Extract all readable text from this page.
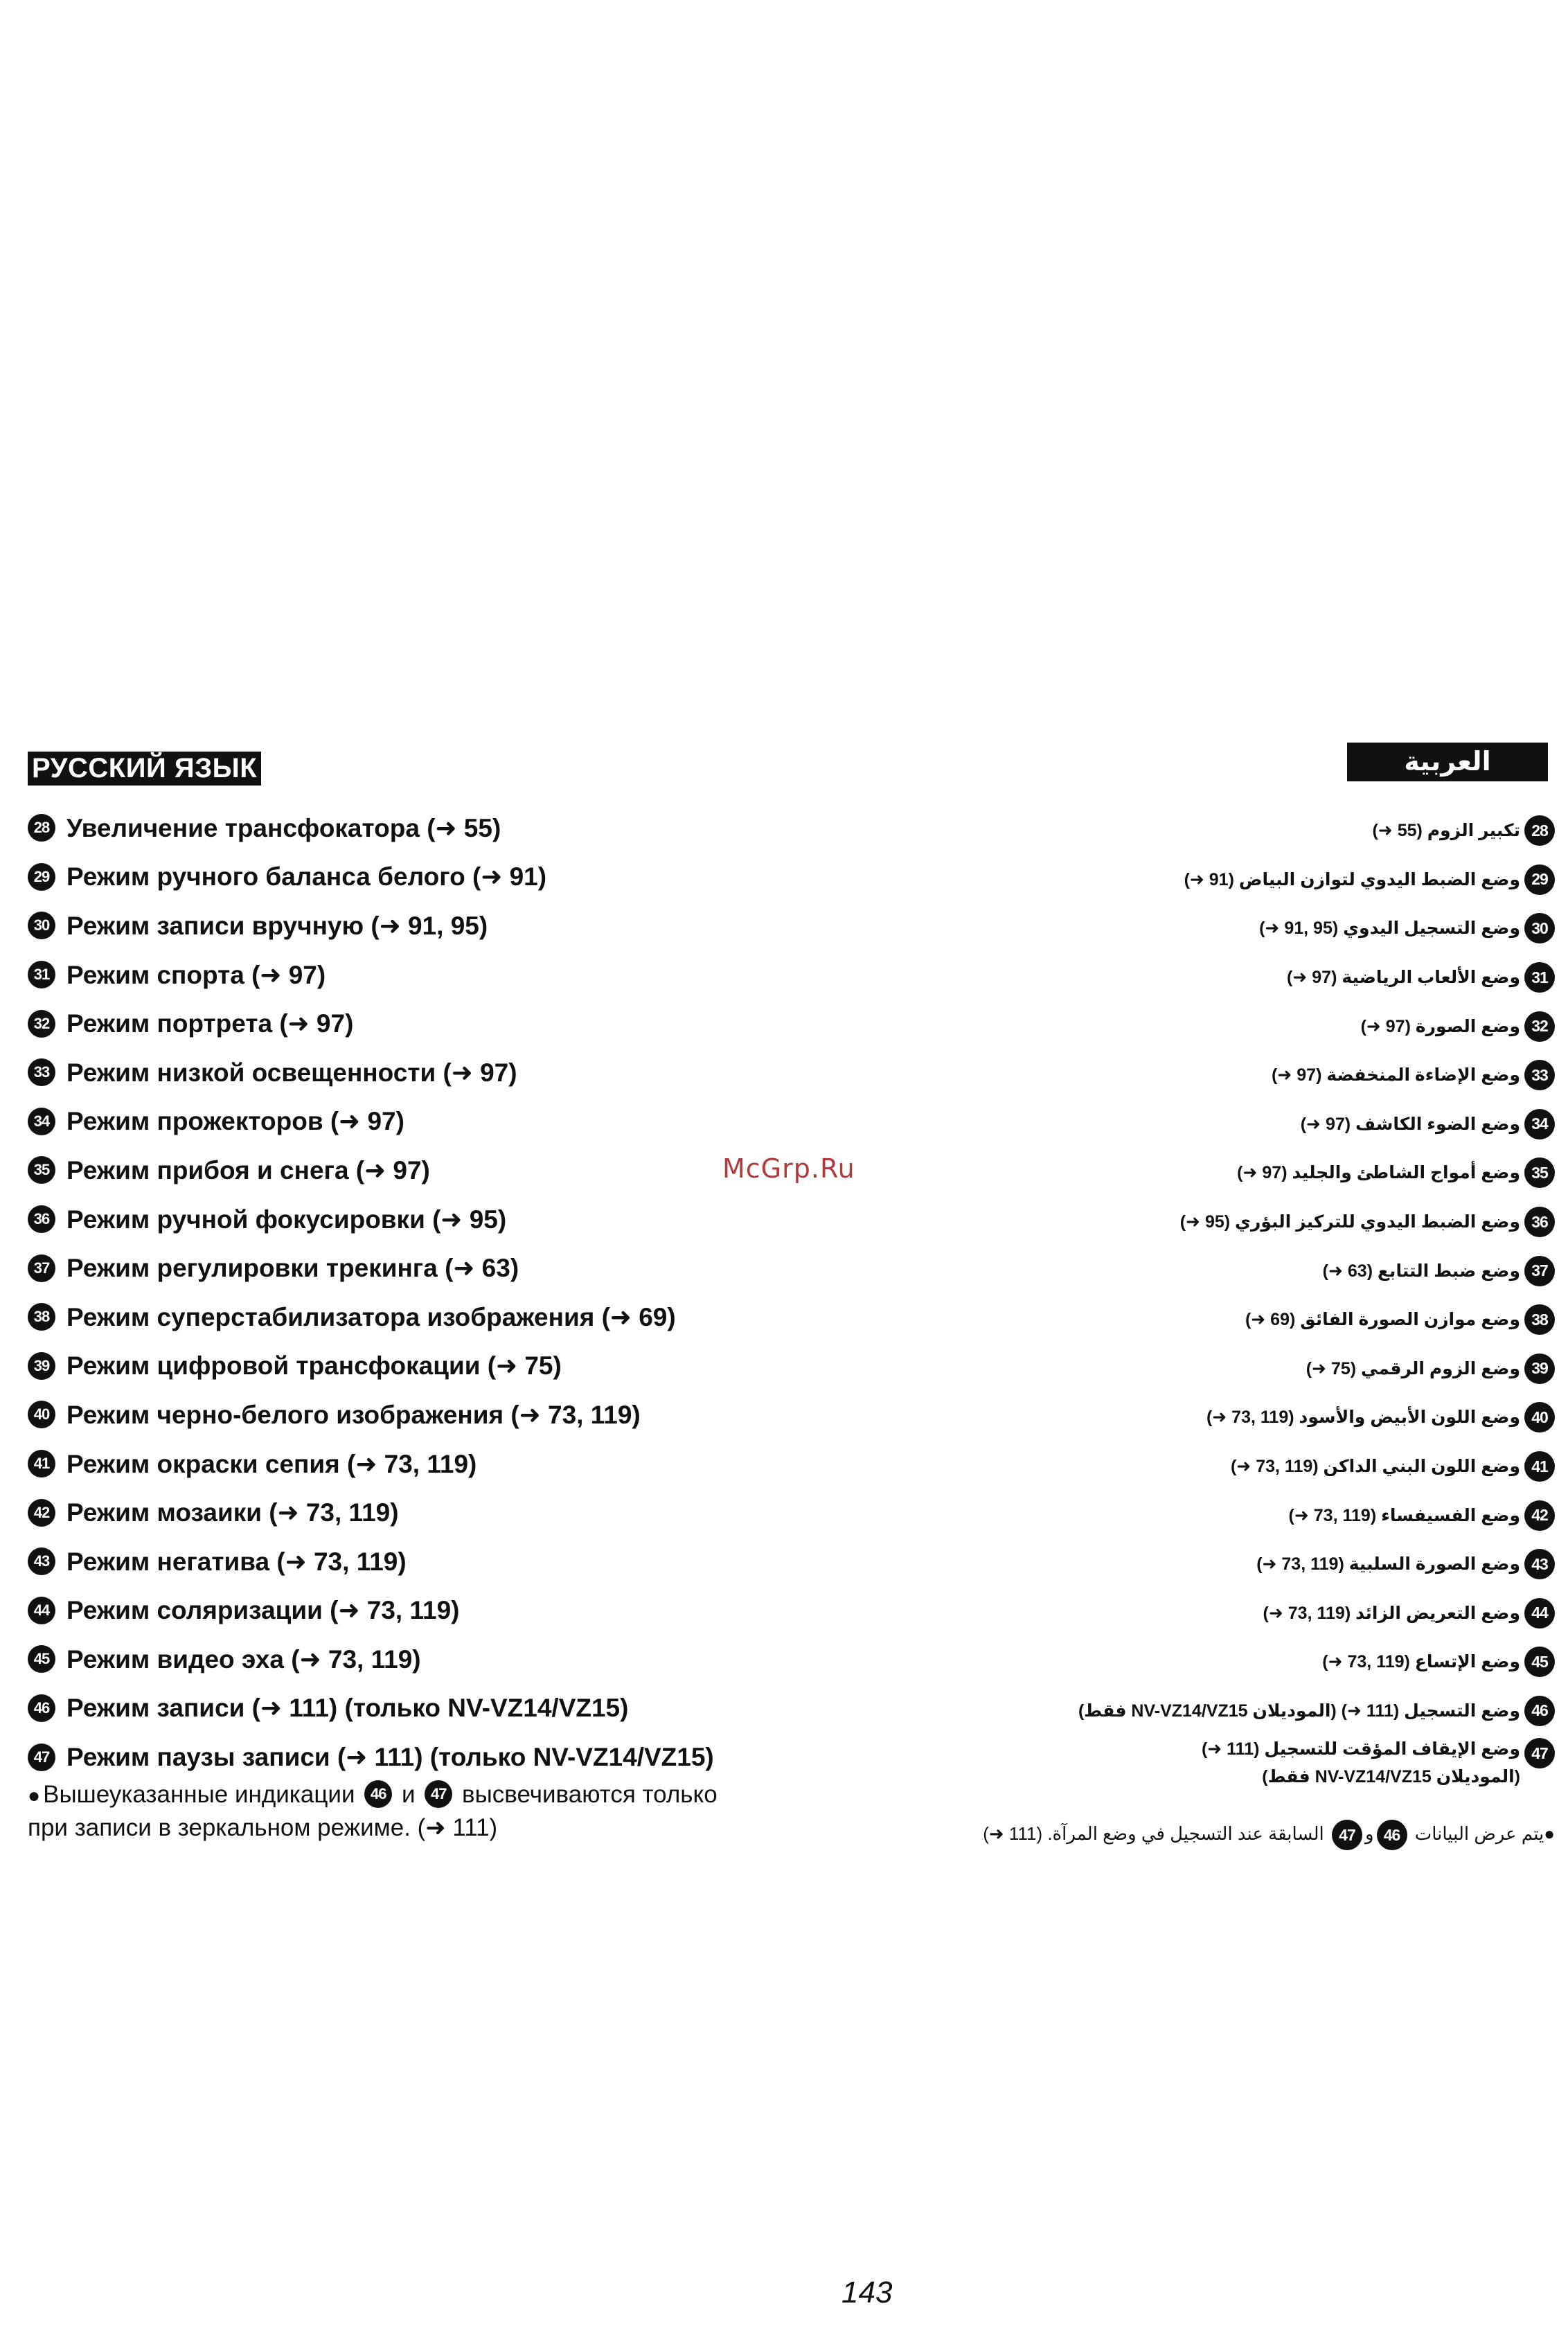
РУССКИЙ ЯЗЫК
28 Увеличение трансфокатора (➜ 55)
29 Режим ручного баланса белого (➜ 91)
30 Режим записи вручную (➜ 91, 95)
31 Режим спорта (➜ 97)
32 Режим портрета (➜ 97)
33 Режим низкой освещенности (➜ 97)
34 Режим прожекторов (➜ 97)
35 Режим прибоя и снега (➜ 97)
36 Режим ручной фокусировки (➜ 95)
37 Режим регулировки трекинга (➜ 63)
38 Режим суперстабилизатора изображения (➜ 69)
39 Режим цифровой трансфокации (➜ 75)
40 Режим черно-белого изображения (➜ 73, 119)
41 Режим окраски сепия (➜ 73, 119)
42 Режим мозаики (➜ 73, 119)
43 Режим негатива (➜ 73, 119)
44 Режим соляризации (➜ 73, 119)
45 Режим видео эха (➜ 73, 119)
46 Режим записи (➜ 111) (только NV-VZ14/VZ15)
47 Режим паузы записи (➜ 111) (только NV-VZ14/VZ15)
● Вышеуказанные индикации 46 и 47 высвечиваются только
при записи в зеркальном режиме. (➜ 111)
العربية
28
تكبير الزوم (55 ➜)
29
وضع الضبط اليدوي لتوازن البياض (91 ➜)
30
وضع التسجيل اليدوي (95 ,91 ➜)
31
وضع الألعاب الرياضية (97 ➜)
32
وضع الصورة (97 ➜)
33
وضع الإضاءة المنخفضة (97 ➜)
34
وضع الضوء الكاشف (97 ➜)
35
وضع أمواج الشاطئ والجليد (97 ➜)
36
وضع الضبط اليدوي للتركيز البؤري (95 ➜)
37
وضع ضبط التتابع (63 ➜)
38
وضع موازن الصورة الفائق (69 ➜)
39
وضع الزوم الرقمي (75 ➜)
40
وضع اللون الأبيض والأسود (119 ,73 ➜)
41
وضع اللون البني الداكن (119 ,73 ➜)
42
وضع الفسيفساء (119 ,73 ➜)
43
وضع الصورة السلبية (119 ,73 ➜)
44
وضع التعريض الزائد (119 ,73 ➜)
45
وضع الإتساع (119 ,73 ➜)
46
وضع التسجيل (111 ➜) (الموديلان NV-VZ14/VZ15 فقط)
47
وضع الإيقاف المؤقت للتسجيل (111 ➜)
(الموديلان NV-VZ14/VZ15 فقط)
●يتم عرض البيانات 46و47 السابقة عند التسجيل في وضع المرآة. (111 ➜)
McGrp.Ru
143
